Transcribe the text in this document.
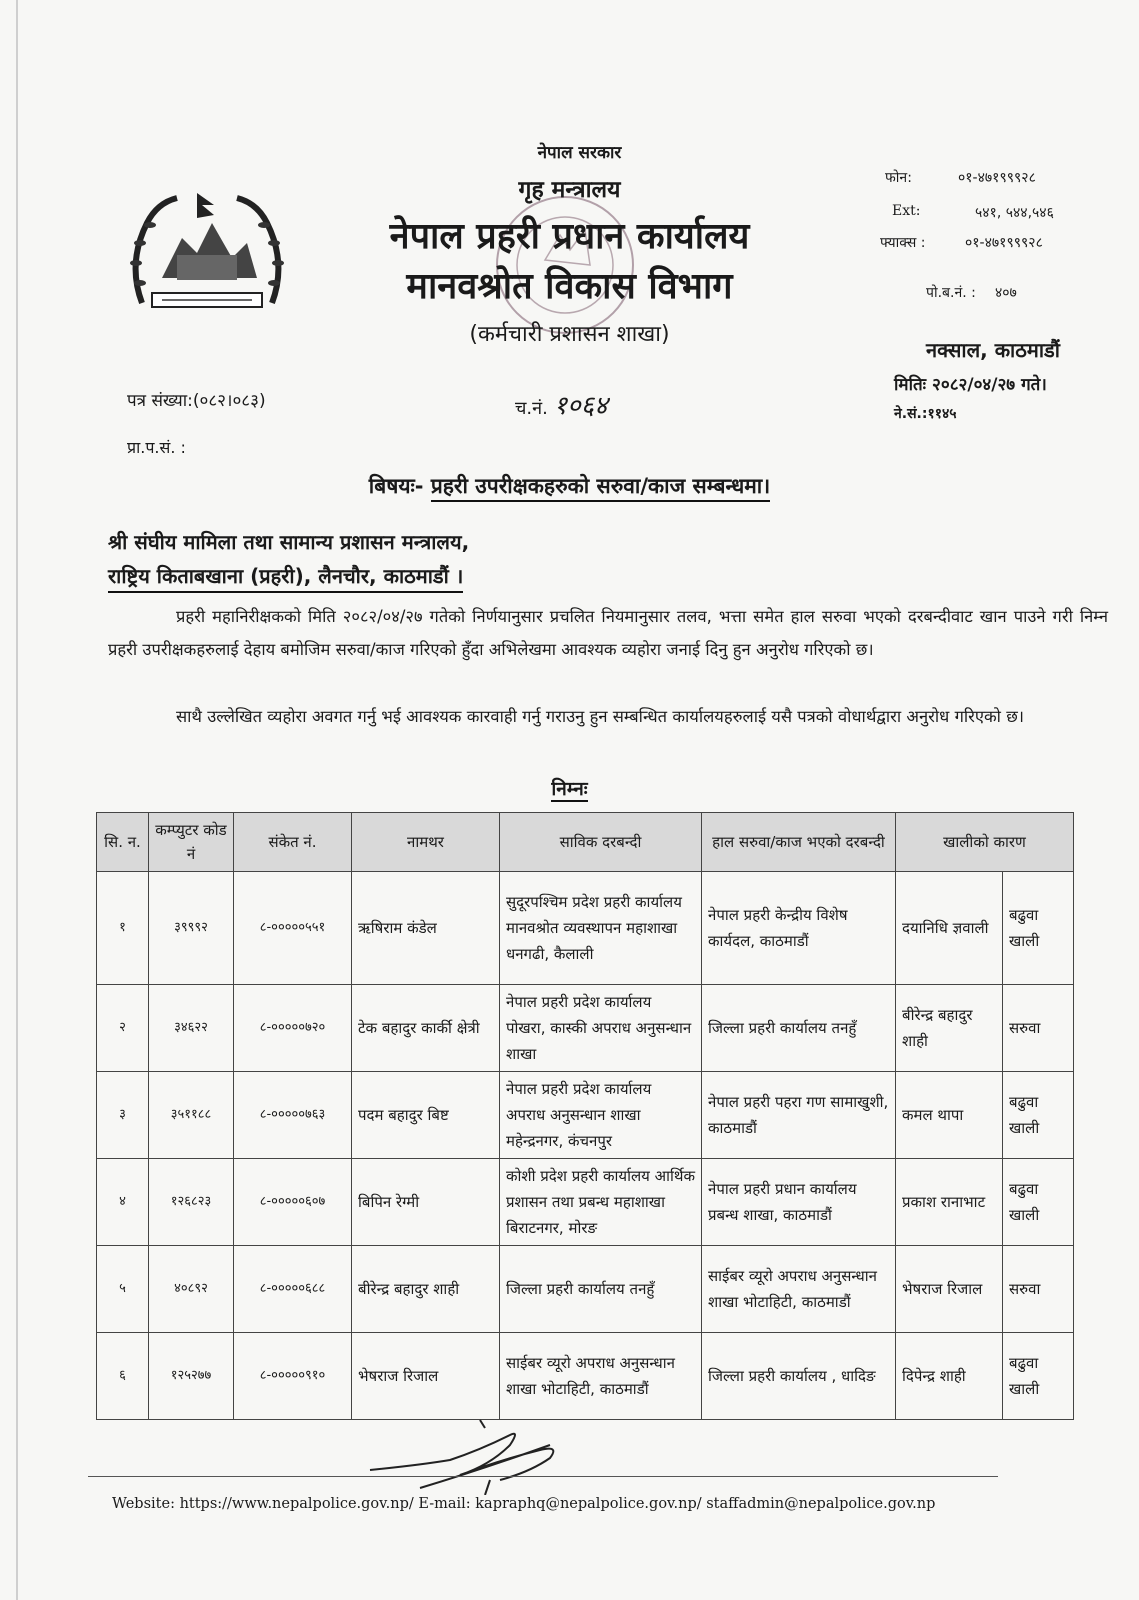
नेपाल सरकार
गृह मन्त्रालय
नेपाल प्रहरी प्रधान कार्यालय
मानवश्रोत विकास विभाग
(कर्मचारी प्रशासन शाखा)
फोन:	०१-४७१९९९२८
Ext:	५४१, ५४४,५४६
फ्याक्स :	०१-४७१९९९२८
पो.ब.नं. : ४०७
नक्साल, काठमाडौं
पत्र संख्या:(०८२।०८३)	च.नं. १०६४
मितिः २०८२/०४/२७ गते।
ने.सं.:११४५
प्रा.प.सं. :
बिषयः- प्रहरी उपरीक्षकहरुको सरुवा/काज सम्बन्धमा।
श्री संघीय मामिला तथा सामान्य प्रशासन मन्त्रालय,
राष्ट्रिय किताबखाना (प्रहरी), लैनचौर, काठमाडौं ।
प्रहरी महानिरीक्षकको मिति २०८२/०४/२७ गतेको निर्णयानुसार प्रचलित नियमानुसार तलव, भत्ता समेत हाल सरुवा भएको दरबन्दीवाट खान पाउने गरी निम्न प्रहरी उपरीक्षकहरुलाई देहाय बमोजिम सरुवा/काज गरिएको हुँदा अभिलेखमा आवश्यक व्यहोरा जनाई दिनु हुन अनुरोध गरिएको छ।
साथै उल्लेखित व्यहोरा अवगत गर्नु भई आवश्यक कारवाही गर्नु गराउनु हुन सम्बन्धित कार्यालयहरुलाई यसै पत्रको वोधार्थद्वारा अनुरोध गरिएको छ।
निम्नः
सि. न.	कम्प्युटर कोड नं	संकेत नं.	नामथर	साविक दरबन्दी	हाल सरुवा/काज भएको दरबन्दी	खालीको कारण	
१	३९९९२	८-०००००५५१	ऋषिराम कंडेल	सुदूरपश्चिम प्रदेश प्रहरी कार्यालय मानवश्रोत व्यवस्थापन महाशाखा धनगढी, कैलाली	नेपाल प्रहरी केन्द्रीय विशेष कार्यदल, काठमाडौं	दयानिधि ज्ञवाली	बढुवा खाली
२	३४६२२	८-०००००७२०	टेक बहादुर कार्की क्षेत्री	नेपाल प्रहरी प्रदेश कार्यालय पोखरा, कास्की अपराध अनुसन्धान शाखा	जिल्ला प्रहरी कार्यालय तनहुँ	बीरेन्द्र बहादुर शाही	सरुवा
३	३५११८८	८-०००००७६३	पदम बहादुर बिष्ट	नेपाल प्रहरी प्रदेश कार्यालय अपराध अनुसन्धान शाखा महेन्द्रनगर, कंचनपुर	नेपाल प्रहरी पहरा गण सामाखुशी, काठमाडौं	कमल थापा	बढुवा खाली
४	१२६८२३	८-०००००६०७	बिपिन रेग्मी	कोशी प्रदेश प्रहरी कार्यालय आर्थिक प्रशासन तथा प्रबन्ध महाशाखा बिराटनगर, मोरङ	नेपाल प्रहरी प्रधान कार्यालय प्रबन्ध शाखा, काठमाडौं	प्रकाश रानाभाट	बढुवा खाली
५	४०८९२	८-०००००६८८	बीरेन्द्र बहादुर शाही	जिल्ला प्रहरी कार्यालय तनहुँ	साईबर व्यूरो अपराध अनुसन्धान शाखा भोटाहिटी, काठमाडौं	भेषराज रिजाल	सरुवा
६	१२५२७७	८-०००००९१०	भेषराज रिजाल	साईबर व्यूरो अपराध अनुसन्धान शाखा भोटाहिटी, काठमाडौं	जिल्ला प्रहरी कार्यालय , धादिङ	दिपेन्द्र शाही	बढुवा खाली
Website: https://www.nepalpolice.gov.np/ E-mail: kapraphq@nepalpolice.gov.np/ staffadmin@nepalpolice.gov.np
